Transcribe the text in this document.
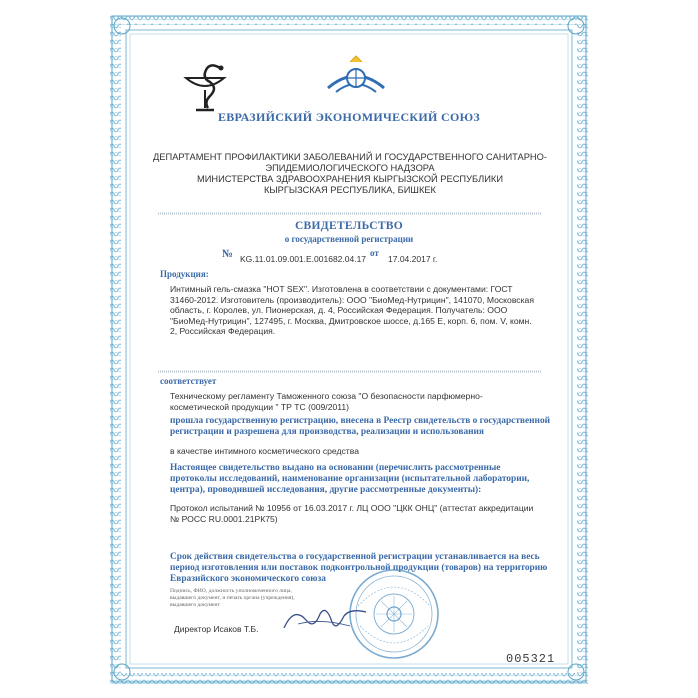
ЕВРАЗИЙСКИЙ ЭКОНОМИЧЕСКИЙ СОЮЗ
ДЕПАРТАМЕНТ ПРОФИЛАКТИКИ ЗАБОЛЕВАНИЙ И ГОСУДАРСТВЕННОГО САНИТАРНО-
ЭПИДЕМИОЛОГИЧЕСКОГО НАДЗОРА
МИНИСТЕРСТВА ЗДРАВООХРАНЕНИЯ КЫРГЫЗСКОЙ РЕСПУБЛИКИ
КЫРГЫЗСКАЯ РЕСПУБЛИКА, БИШКЕК
СВИДЕТЕЛЬСТВО
о государственной регистрации
№ KG.11.01.09.001.E.001682.04.17
от
17.04.2017 г.
Продукция:
Интимный гель-смазка "HOT SEX". Изготовлена в соответствии с документами: ГОСТ
31460-2012. Изготовитель (производитель): ООО "БиоМед-Нутрицин", 141070, Московская
область, г. Королев, ул. Пионерская, д. 4, Российская Федерация. Получатель: ООО
"БиоМед-Нутрицин", 127495, г. Москва, Дмитровское шоссе, д.165 Е, корп. 6, пом. V, комн.
2, Российская Федерация.
соответствует
Техническому регламенту Таможенного союза "О безопасности парфюмерно-
косметической продукции " ТР ТС (009/2011)
прошла государственную регистрацию, внесена в Реестр свидетельств о государственной
регистрации и разрешена для производства, реализации и использования
в качестве интимного косметического средства
Настоящее свидетельство выдано на основании (перечислить рассмотренные
протоколы исследований, наименование организации (испытательной лаборатории,
центра), проводившей исследования, другие рассмотренные документы):
Протокол испытаний № 10956 от 16.03.2017 г. ЛЦ ООО "ЦКК ОНЦ" (аттестат аккредитации
№ РОСС RU.0001.21РК75)
Срок действия свидетельства о государственной регистрации устанавливается на весь
период изготовления или поставок подконтрольной продукции (товаров) на территорию
Евразийского экономического союза
Подпись, ФИО, должность уполномоченного лица,
выдавшего документ, и печать органа (учреждения),
выдавшего документ
Директор Исаков Т.Б.
005321
